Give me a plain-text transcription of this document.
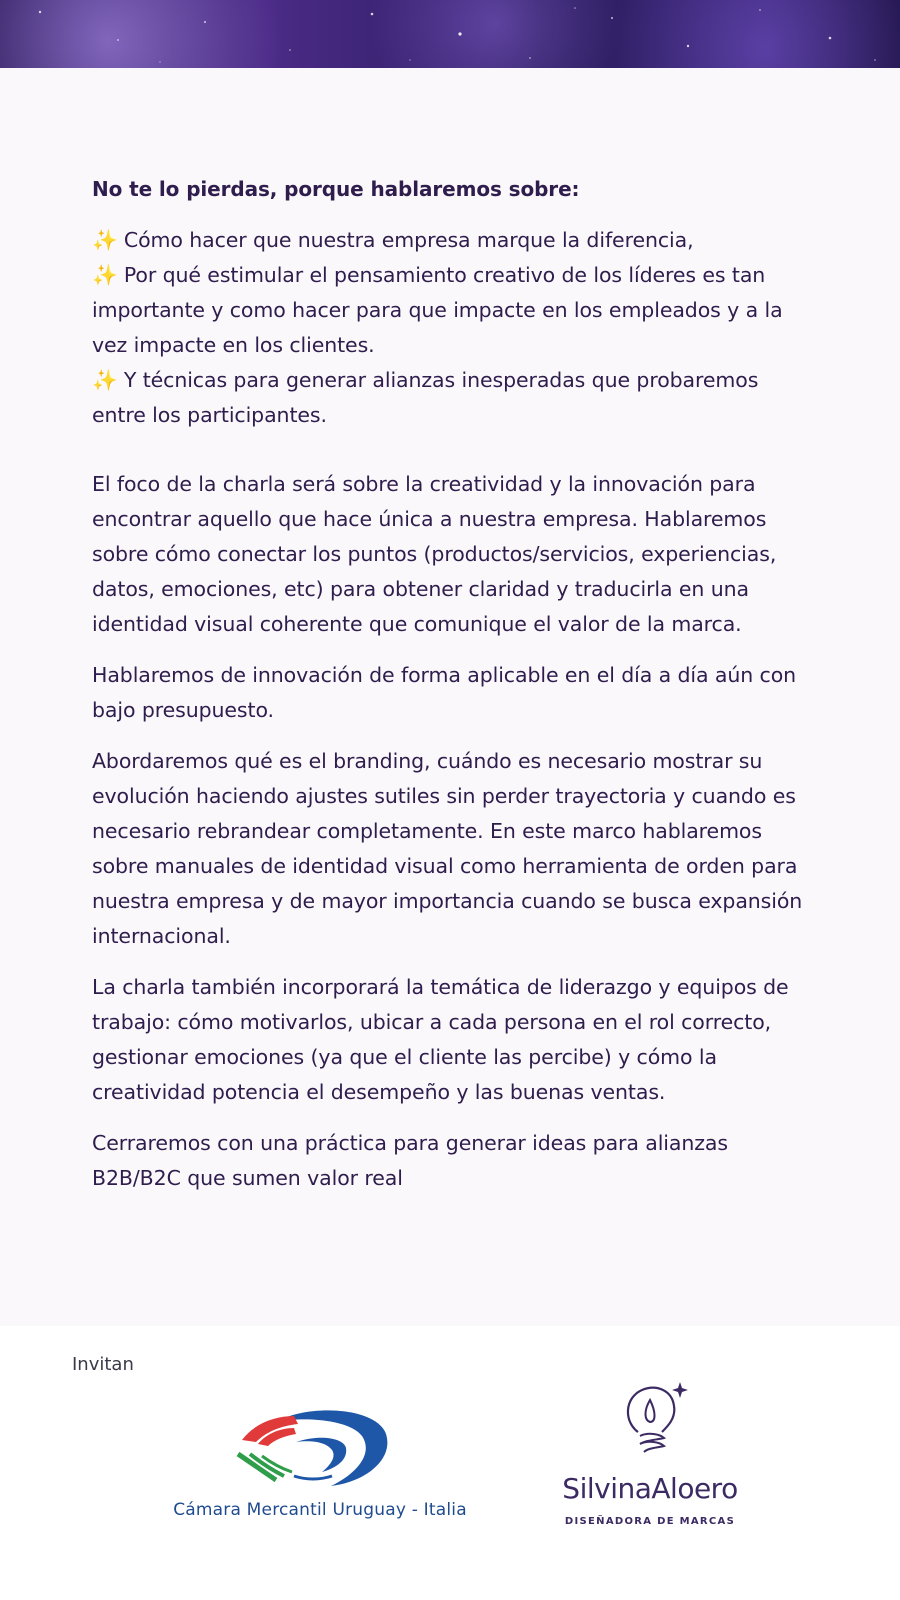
No te lo pierdas, porque hablaremos sobre:
✨ Cómo hacer que nuestra empresa marque la diferencia,
✨ Por qué estimular el pensamiento creativo de los líderes es tan importante y como hacer para que impacte en los empleados y a la vez impacte en los clientes.
✨ Y técnicas para generar alianzas inesperadas que probaremos entre los participantes.

El foco de la charla será sobre la creatividad y la innovación para encontrar aquello que hace única a nuestra empresa. Hablaremos sobre cómo conectar los puntos (productos/servicios, experiencias, datos, emociones, etc) para obtener claridad y traducirla en una identidad visual coherente que comunique el valor de la marca.

Hablaremos de innovación de forma aplicable en el día a día aún con bajo presupuesto.

Abordaremos qué es el branding, cuándo es necesario mostrar su evolución haciendo ajustes sutiles sin perder trayectoria y cuando es necesario rebrandear completamente. En este marco hablaremos sobre manuales de identidad visual como herramienta de orden para nuestra empresa y de mayor importancia cuando se busca expansión internacional.

La charla también incorporará la temática de liderazgo y equipos de trabajo: cómo motivarlos, ubicar a cada persona en el rol correcto, gestionar emociones (ya que el cliente las percibe) y cómo la creatividad potencia el desempeño y las buenas ventas.

Cerraremos con una práctica para generar ideas para alianzas B2B/B2C que sumen valor real

Invitan
Cámara Mercantil Uruguay - Italia
SilvinaAloero
DISEÑADORA DE MARCAS
